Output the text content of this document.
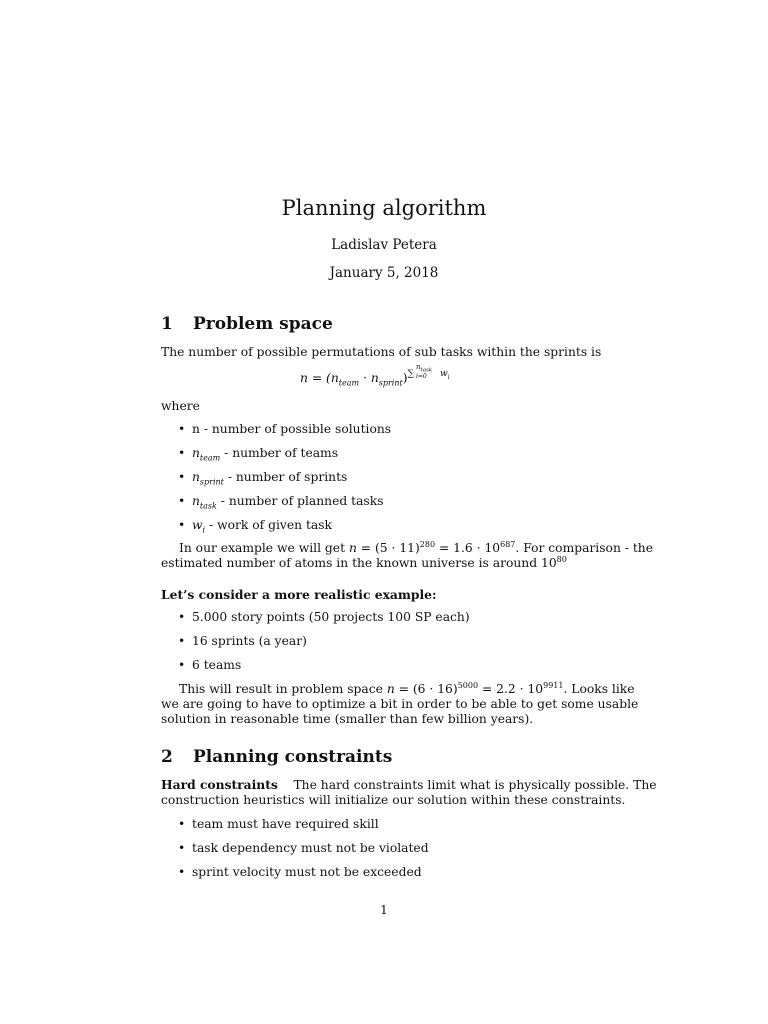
Planning algorithm
Ladislav Petera
January 5, 2018
1 Problem space
The number of possible permutations of sub tasks within the sprints is
$n = (n_{team} \cdot n_{sprint})^{\sum n_{task} i=0 w_i}$
where
• n - number of possible solutions
• $n_{team}$ - number of teams
• $n_{sprint}$ - number of sprints
• $n_{task}$ - number of planned tasks
• $w_i$ - work of given task
In our example we will get $n = (5 \cdot 11)^{280} = 1.6 \cdot 10^{687}$. For comparison - the
estimated number of atoms in the known universe is around $10^{80}$
Let’s consider a more realistic example:
• 5.000 story points (50 projects 100 SP each)
• 16 sprints (a year)
• 6 teams
This will result in problem space $n = (6 \cdot 16)^{5000} = 2.2 \cdot 10^{9911}$. Looks like
we are going to have to optimize a bit in order to be able to get some usable
solution in reasonable time (smaller than few billion years).
2 Planning constraints
Hard constraints The hard constraints limit what is physically possible. The
construction heuristics will initialize our solution within these constraints.
• team must have required skill
• task dependency must not be violated
• sprint velocity must not be exceeded
1
